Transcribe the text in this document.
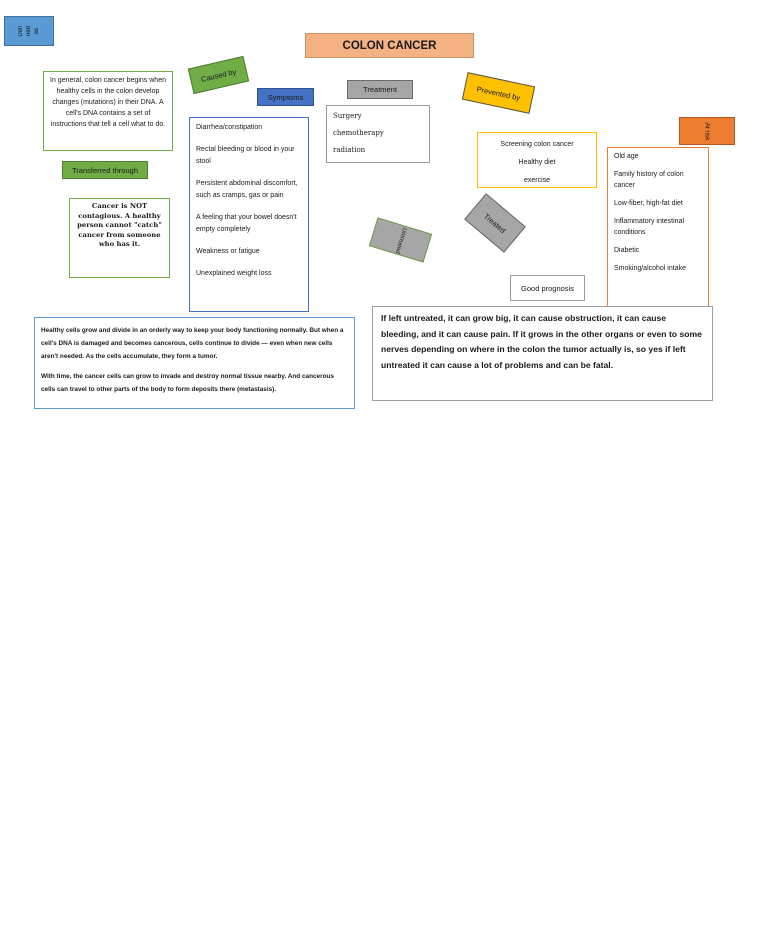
Defi ned as
COLON CANCER
In general, colon cancer begins when healthy cells in the colon develop changes (mutations) in their DNA. A cell's DNA contains a set of instructions that tell a cell what to do.
Caused by
Symptoms
Transferred through

Diarrhea/constipation

Rectal bleeding or blood in your stool

Persistent abdominal discomfort, such as cramps, gas or pain

A feeling that your bowel doesn't empty completely

Weakness or fatigue

Unexplained weight loss

Cancer is NOT contagious. A healthy person cannot "catch" cancer from someone who has it.
Treatment
Surgery
chemotherapy
radiation
Prevented by
Screening colon cancer
Healthy diet
exercise
At risk

Old age

Family history of colon cancer

Low-fiber, high-fat diet

Inflammatory intestinal conditions

Diabetic

Smoking/alcohol intake

Untreated
Treated
Good prognosis

Healthy cells grow and divide in an orderly way to keep your body functioning normally. But when a cell's DNA is damaged and becomes cancerous, cells continue to divide — even when new cells aren't needed. As the cells accumulate, they form a tumor.

With time, the cancer cells can grow to invade and destroy normal tissue nearby. And cancerous cells can travel to other parts of the body to form deposits there (metastasis).

If left untreated, it can grow big, it can cause obstruction, it can cause bleeding, and it can cause pain. If it grows in the other organs or even to some nerves depending on where in the colon the tumor actually is, so yes if left untreated it can cause a lot of problems and can be fatal.
